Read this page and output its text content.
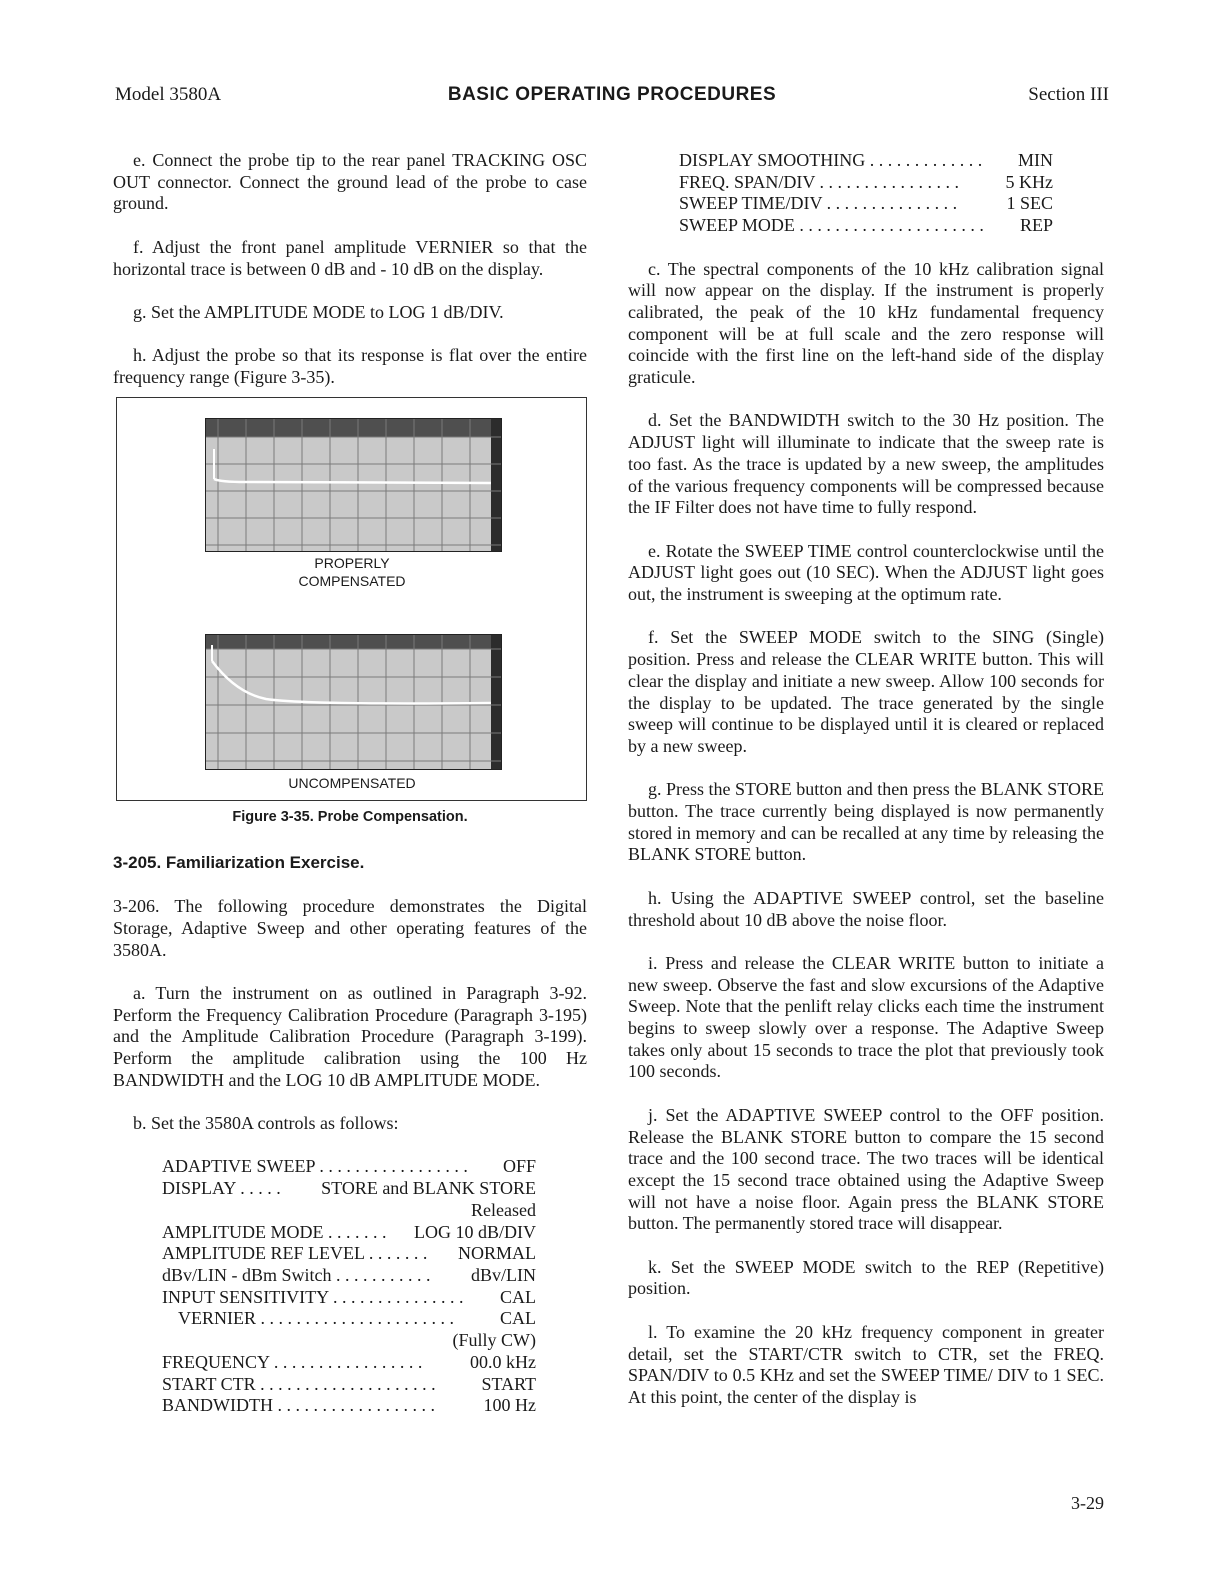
Model 3580A	BASIC OPERATING PROCEDURES	Section III

e. Connect the probe tip to the rear panel TRACKING OSC OUT connector. Connect the ground lead of the probe to case ground.

f. Adjust the front panel amplitude VERNIER so that the horizontal trace is between 0 dB and - 10 dB on the display.

g. Set the AMPLITUDE MODE to LOG 1 dB/DIV.

h. Adjust the probe so that its response is flat over the entire frequency range (Figure 3-35).

PROPERLY
COMPENSATED
UNCOMPENSATED
Figure 3-35. Probe Compensation.
3-205. Familiarization Exercise.

3-206. The following procedure demonstrates the Digital Storage, Adaptive Sweep and other operating features of the 3580A.

a. Turn the instrument on as outlined in Paragraph 3-92. Perform the Frequency Calibration Procedure (Paragraph 3-195) and the Amplitude Calibration Procedure (Paragraph 3-199). Perform the amplitude calibration using the 100 Hz BANDWIDTH and the LOG 10 dB AMPLITUDE MODE.

b. Set the 3580A controls as follows:

ADAPTIVE SWEEP . . . . . . . . . . . . . . . . . OFF
DISPLAY . . . . . STORE and BLANK STORE
Released
AMPLITUDE MODE . . . . . . . LOG 10 dB/DIV
AMPLITUDE REF LEVEL . . . . . . . NORMAL
dBv/LIN - dBm Switch . . . . . . . . . . . dBv/LIN
INPUT SENSITIVITY . . . . . . . . . . . . . . . CAL
VERNIER . . . . . . . . . . . . . . . . . . . . . .	CAL
(Fully CW)
FREQUENCY . . . . . . . . . . . . . . . . .	00.0 kHz
START CTR . . . . . . . . . . . . . . . . . . . .	START
BANDWIDTH . . . . . . . . . . . . . . . . . .	100 Hz
DISPLAY SMOOTHING . . . . . . . . . . . . . MIN
FREQ. SPAN/DIV . . . . . . . . . . . . . . . .	5 KHz
SWEEP TIME/DIV . . . . . . . . . . . . . . .	1 SEC
SWEEP MODE . . . . . . . . . . . . . . . . . . . . . REP

c. The spectral components of the 10 kHz calibration signal will now appear on the display. If the instrument is properly calibrated, the peak of the 10 kHz fundamental frequency component will be at full scale and the zero response will coincide with the first line on the left-hand side of the display graticule.

d. Set the BANDWIDTH switch to the 30 Hz position. The ADJUST light will illuminate to indicate that the sweep rate is too fast. As the trace is updated by a new sweep, the amplitudes of the various frequency components will be compressed because the IF Filter does not have time to fully respond.

e. Rotate the SWEEP TIME control counterclockwise until the ADJUST light goes out (10 SEC). When the ADJUST light goes out, the instrument is sweeping at the optimum rate.

f. Set the SWEEP MODE switch to the SING (Single) position. Press and release the CLEAR WRITE button. This will clear the display and initiate a new sweep. Allow 100 seconds for the display to be updated. The trace generated by the single sweep will continue to be displayed until it is cleared or replaced by a new sweep.

g. Press the STORE button and then press the BLANK STORE button. The trace currently being displayed is now permanently stored in memory and can be recalled at any time by releasing the BLANK STORE button.

h. Using the ADAPTIVE SWEEP control, set the baseline threshold about 10 dB above the noise floor.

i. Press and release the CLEAR WRITE button to initiate a new sweep. Observe the fast and slow excursions of the Adaptive Sweep. Note that the penlift relay clicks each time the instrument begins to sweep slowly over a response. The Adaptive Sweep takes only about 15 seconds to trace the plot that previously took 100 seconds.

j. Set the ADAPTIVE SWEEP control to the OFF position. Release the BLANK STORE button to compare the 15 second trace and the 100 second trace. The two traces will be identical except the 15 second trace obtained using the Adaptive Sweep will not have a noise floor. Again press the BLANK STORE button. The permanently stored trace will disappear.

k. Set the SWEEP MODE switch to the REP (Repetitive) position.

l. To examine the 20 kHz frequency component in greater detail, set the START/CTR switch to CTR, set the FREQ. SPAN/DIV to 0.5 KHz and set the SWEEP TIME/ DIV to 1 SEC. At this point, the center of the display is

3-29
